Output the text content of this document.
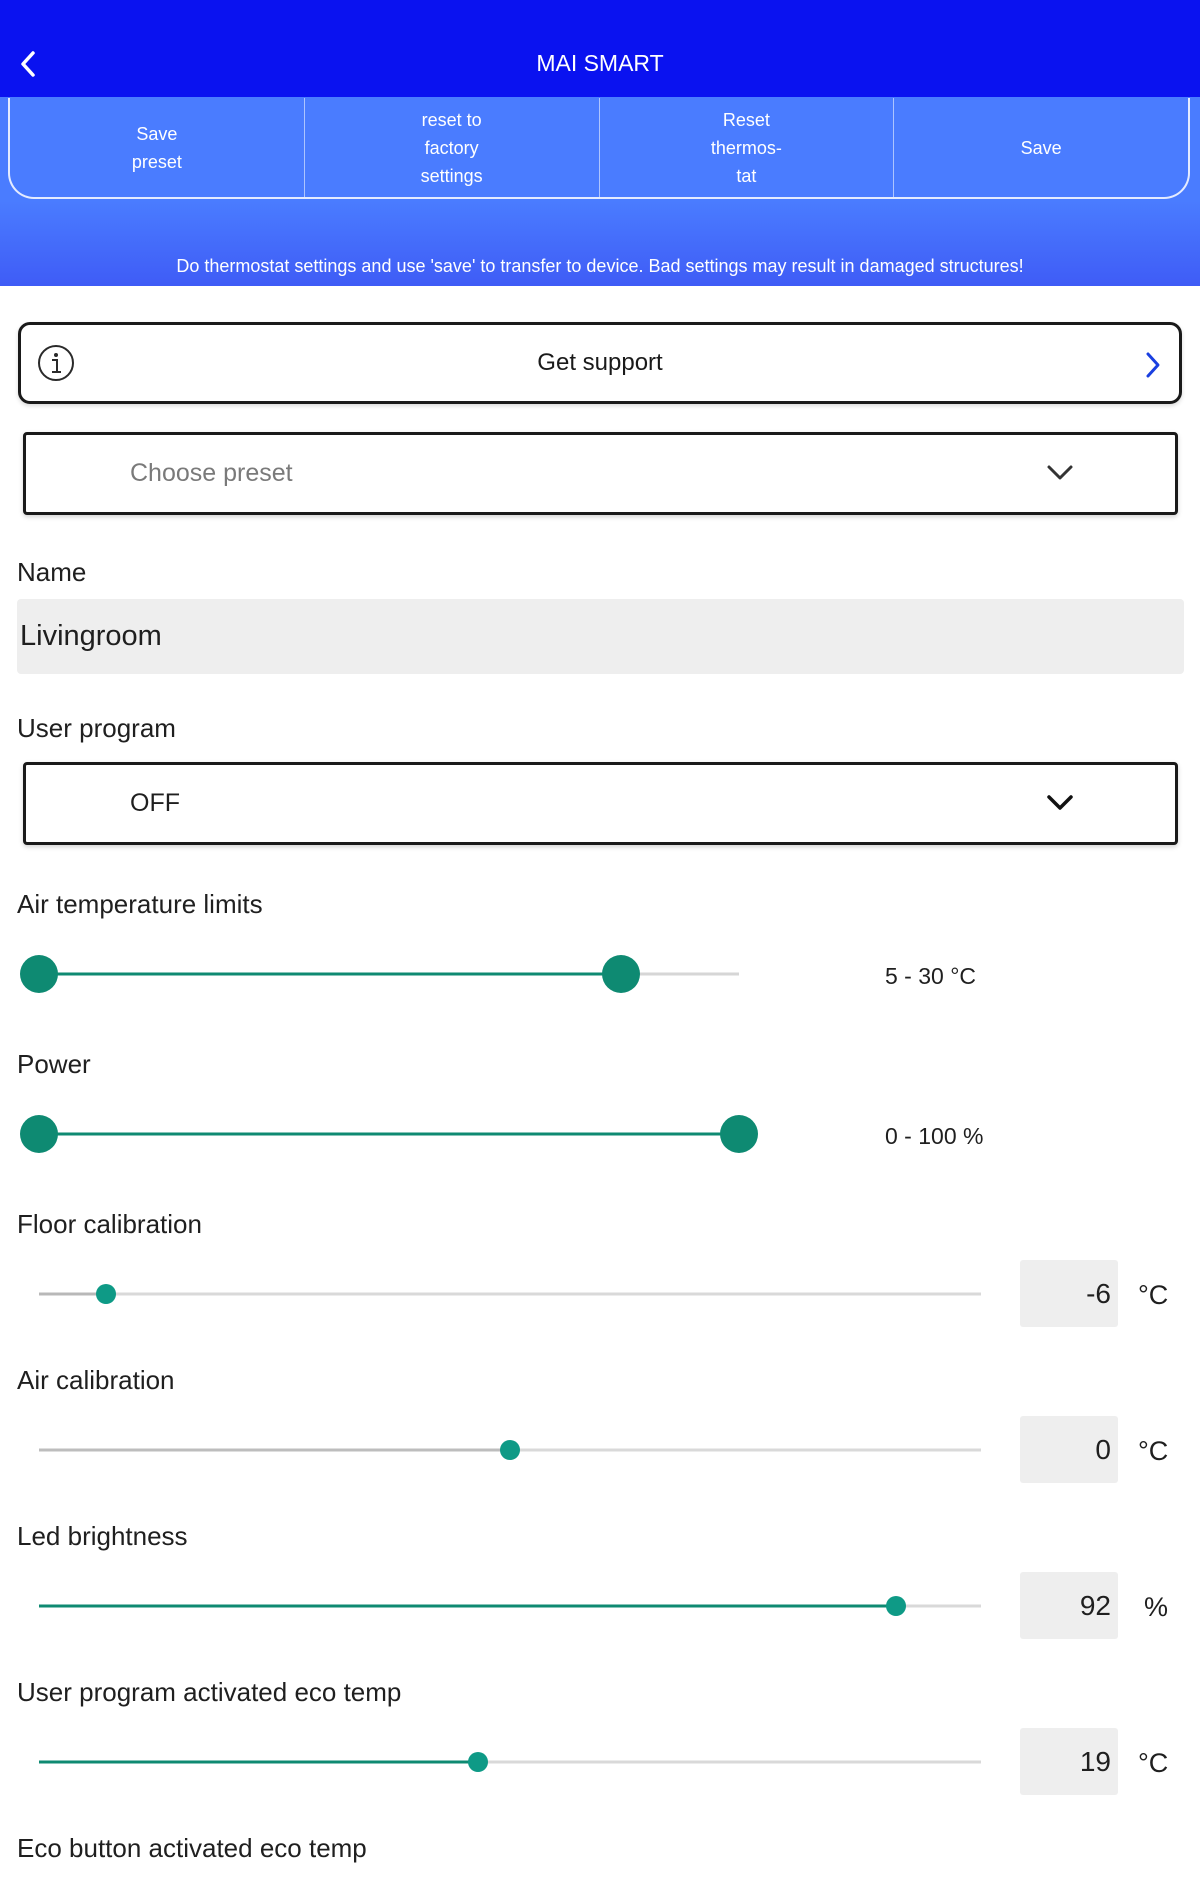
MAI SMART
Save
preset
reset to
factory
settings
Reset
thermos-
tat
Save
Do thermostat settings and use 'save' to transfer to device. Bad settings may result in damaged structures!
Get support
Choose preset
Name
Livingroom
User program
OFF
Air temperature limits
5 - 30 °C
Power
0 - 100 %
Floor calibration
-6
°C
Air calibration
0
°C
Led brightness
92
%
User program activated eco temp
19
°C
Eco button activated eco temp
